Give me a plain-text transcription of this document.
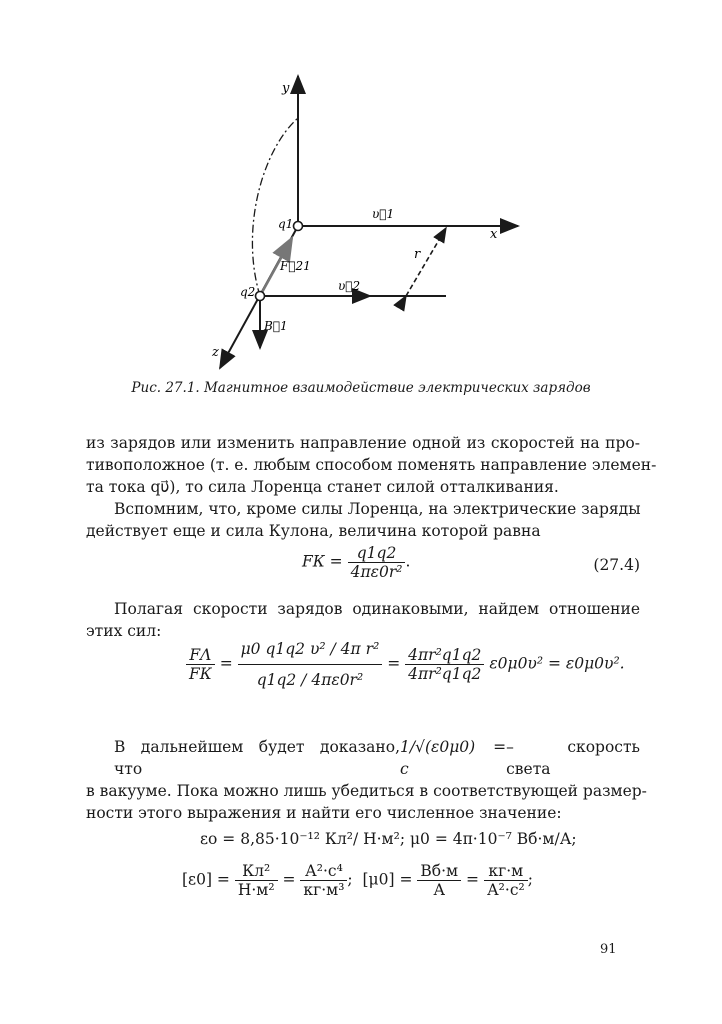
y
x
z
q1
q2
υ⃗1
υ⃗2
r
F⃗21
B⃗1
Рис. 27.1. Магнитное взаимодействие электрических зарядов

из зарядов или изменить направление одной из скоростей на про-
тивоположное (т. е. любым способом поменять направление элемен-
та тока qυ⃗), то сила Лоренца станет силой отталкивания.

Вспомним, что, кроме силы Лоренца, на электрические заряды
действует еще и сила Кулона, величина которой равна

FК = $\frac{q1q2}{\text{4πε0r²}}$ .	(27.4)

Полагая скорости зарядов одинаковыми, найдем отношение
этих сил:

$\frac{F\Lambda}{FК} = \frac{\text{μ0 q1q2 υ² / 4π r²}}{\text{q1q2 / 4πε0r²}} = \frac{\text{4πr²q1q2}}{\text{4πr²q1q2}} \varepsilon 0\mu 0\upsilon^2 = \varepsilon 0\mu 0\upsilon^2$.
В дальнейшем будет доказано, что
1/√(ε0μ0) = c
– скорость света
в вакууме. Пока можно лишь убедиться в соответствующей размер-
ности этого выражения и найти его численное значение:
εo = 8,85·10⁻¹² Кл²/ Н·м²; μ0 = 4π·10⁻⁷ Вб·м/А;
$[\varepsilon 0] = \frac{\text{Кл²}}{\text{Н·м²}} = \frac{\text{А²·с⁴}}{\text{кг·м³}}$ ;  $[\mu 0] = \frac{Вб\cdot м}{А} = \frac{кг\cdot м}{\text{А²·с²}}$ ;
91
